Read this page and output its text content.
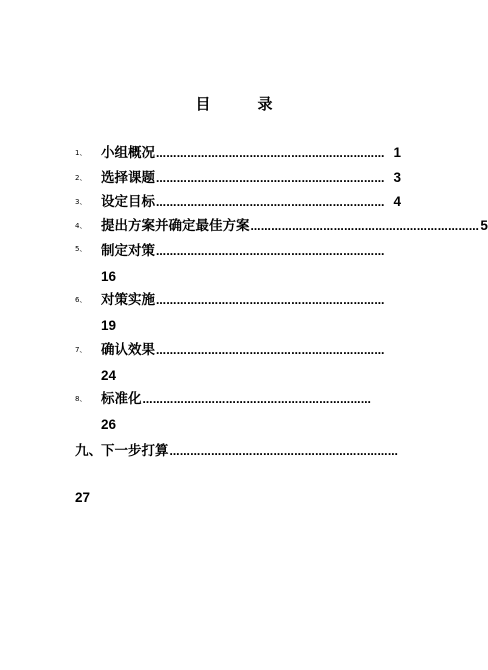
目　录
1、 小组概况 ………………………………………………………… 1
2、 选择课题 ………………………………………………………… 3
3、 设定目标 ………………………………………………………… 4
4、 提出方案并确定最佳方案 ………………………………………………………… 5
5、 制定对策 …………………………………………………………
16
6、 对策实施 …………………………………………………………
19
7、 确认效果 …………………………………………………………
24
8、 标准化 …………………………………………………………
26
九、 下一步打算 …………………………………………………………
27
